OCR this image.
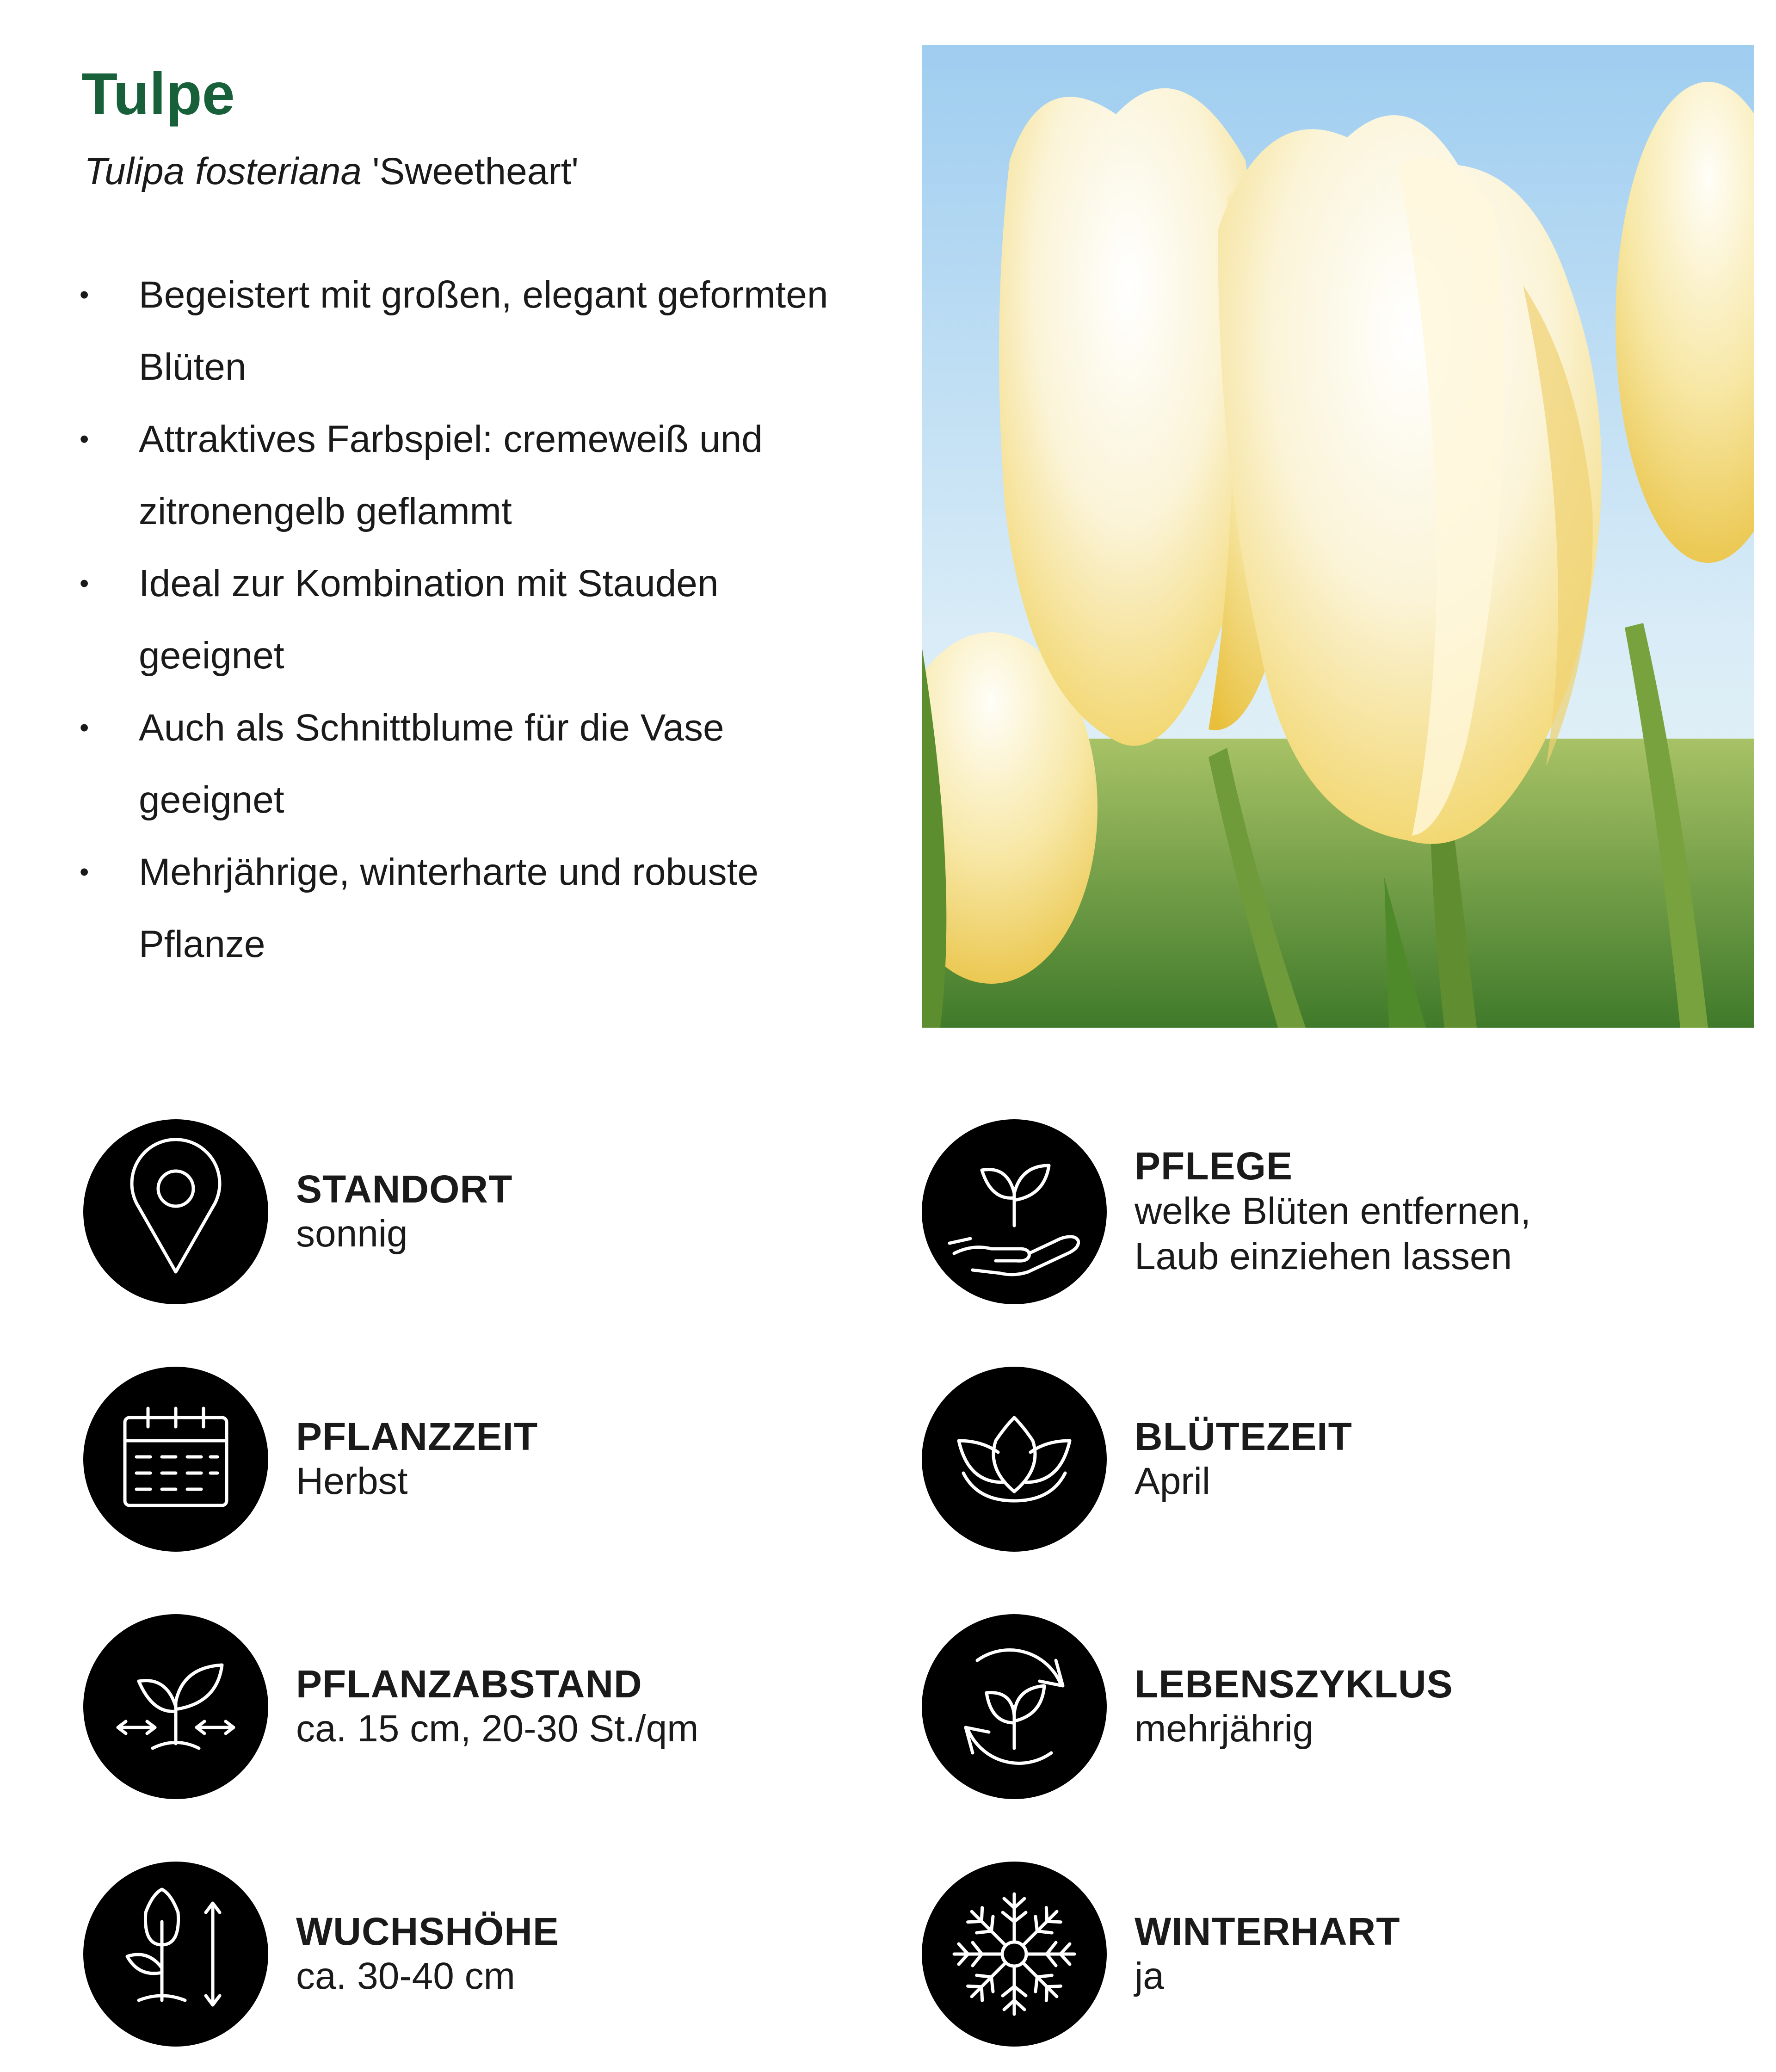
Tulpe
Tulipa fosteriana 'Sweetheart'
• Begeistert mit großen, elegant geformten Blüten
• Attraktives Farbspiel: cremeweiß und zitronengelb geflammt
• Ideal zur Kombination mit Stauden geeignet
• Auch als Schnittblume für die Vase geeignet
• Mehrjährige, winterharte und robuste Pflanze
STANDORT
sonnig
PFLEGE
welke Blüten entfernen,
Laub einziehen lassen
PFLANZZEIT
Herbst
BLÜTEZEIT
April
PFLANZABSTAND
ca. 15 cm, 20-30 St./qm
LEBENSZYKLUS
mehrjährig
WUCHSHÖHE
ca. 30-40 cm
WINTERHART
ja
